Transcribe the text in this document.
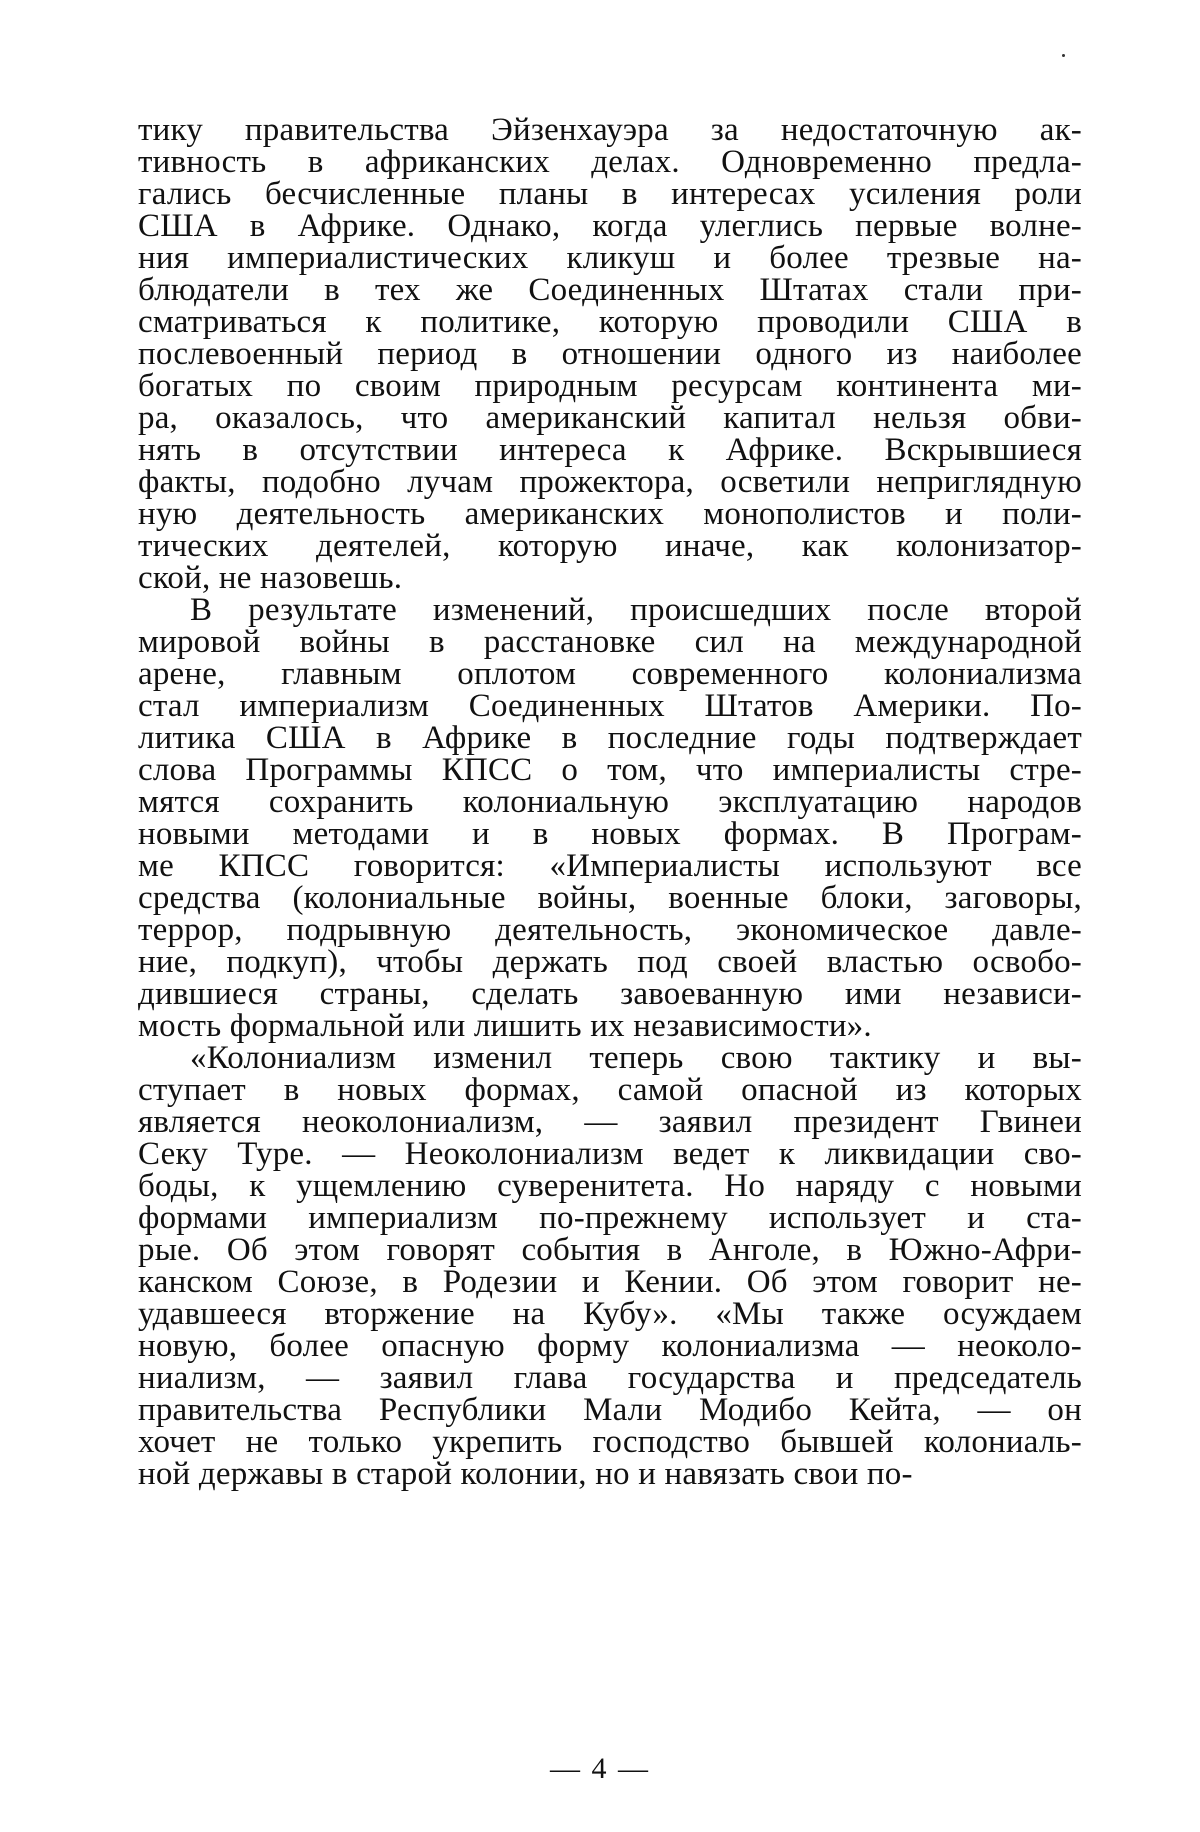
тику правительства Эйзенхауэра за недостаточную ак-
тивность в африканских делах. Одновременно предла-
гались бесчисленные планы в интересах усиления роли
США в Африке. Однако, когда улеглись первые волне-
ния империалистических кликуш и более трезвые на-
блюдатели в тех же Соединенных Штатах стали при-
сматриваться к политике, которую проводили США в
послевоенный период в отношении одного из наиболее
богатых по своим природным ресурсам континента ми-
ра, оказалось, что американский капитал нельзя обви-
нять в отсутствии интереса к Африке. Вскрывшиеся
факты, подобно лучам прожектора, осветили неприглядную
ную деятельность американских монополистов и поли-
тических деятелей, которую иначе, как колонизатор-
ской, не назовешь.
В результате изменений, происшедших после второй
мировой войны в расстановке сил на международной
арене, главным оплотом современного колониализма
стал империализм Соединенных Штатов Америки. По-
литика США в Африке в последние годы подтверждает
слова Программы КПСС о том, что империалисты стре-
мятся сохранить колониальную эксплуатацию народов
новыми методами и в новых формах. В Програм-
ме КПСС говорится: «Империалисты используют все
средства (колониальные войны, военные блоки, заговоры,
террор, подрывную деятельность, экономическое давле-
ние, подкуп), чтобы держать под своей властью освобо-
дившиеся страны, сделать завоеванную ими независи-
мость формальной или лишить их независимости».
«Колониализм изменил теперь свою тактику и вы-
ступает в новых формах, самой опасной из которых
является неоколониализм, — заявил президент Гвинеи
Секу Туре. — Неоколониализм ведет к ликвидации сво-
боды, к ущемлению суверенитета. Но наряду с новыми
формами империализм по-прежнему использует и ста-
рые. Об этом говорят события в Анголе, в Южно-Афри-
канском Союзе, в Родезии и Кении. Об этом говорит не-
удавшееся вторжение на Кубу». «Мы также осуждаем
новую, более опасную форму колониализма — неоколо-
ниализм, — заявил глава государства и председатель
правительства Республики Мали Модибо Кейта, — он
хочет не только укрепить господство бывшей колониаль-
ной державы в старой колонии, но и навязать свои по-
— 4 —
